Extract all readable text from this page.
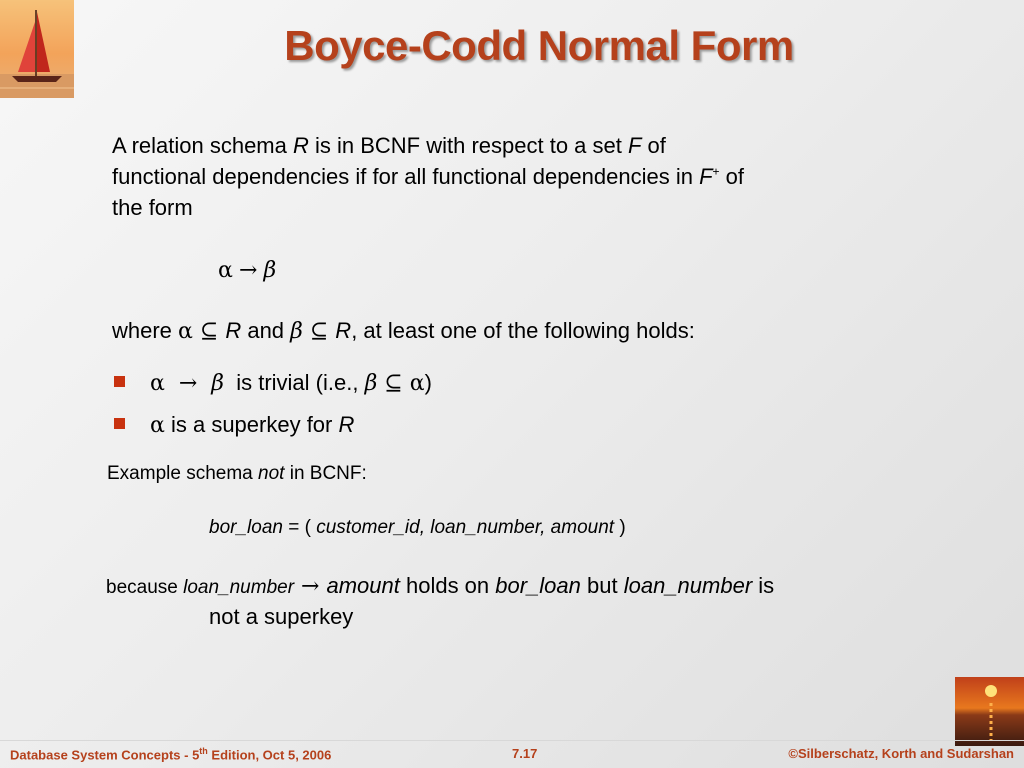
Boyce-Codd Normal Form
A relation schema R is in BCNF with respect to a set F of
functional dependencies if for all functional dependencies in F+ of
the form
α → β
where α ⊆ R and β ⊆ R, at least one of the following holds:
α  →  β  is trivial (i.e., β ⊆ α)
α is a superkey for R
Example schema not in BCNF:
bor_loan = ( customer_id, loan_number, amount )
because loan_number → amount holds on bor_loan but loan_number is
not a superkey
Database System Concepts - 5th Edition, Oct 5, 2006	7.17	©Silberschatz, Korth and Sudarshan
